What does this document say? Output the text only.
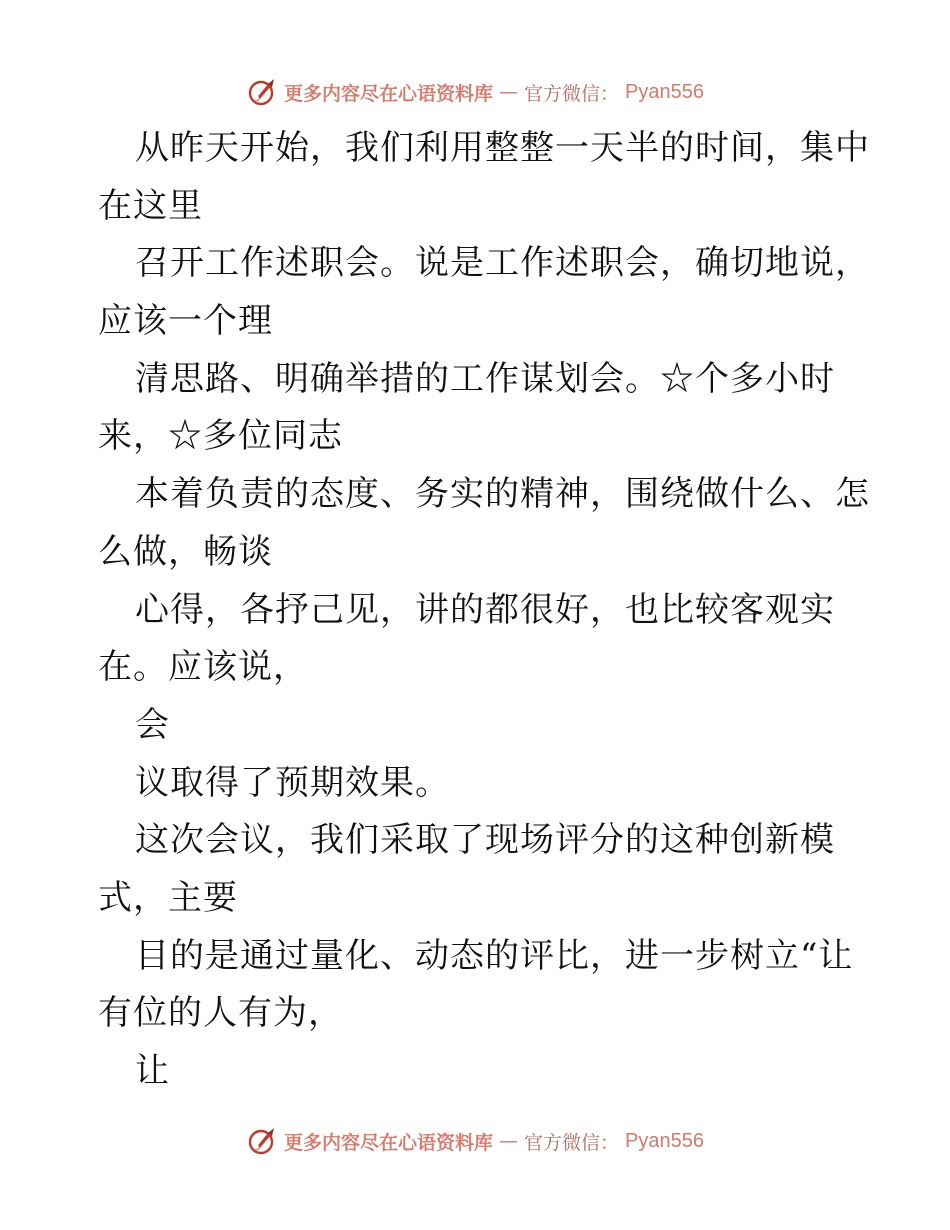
更多内容尽在心语资料库 — 官方微信： Pyan556
从昨天开始，我们利用整整一天半的时间，集中
在这里
召开工作述职会。说是工作述职会，确切地说，
应该一个理
清思路、明确举措的工作谋划会。☆个多小时
来，☆多位同志
本着负责的态度、务实的精神，围绕做什么、怎
么做，畅谈
心得，各抒己见，讲的都很好，也比较客观实
在。应该说，
会
议取得了预期效果。
这次会议，我们采取了现场评分的这种创新模
式，主要
目的是通过量化、动态的评比，进一步树立“让
有位的人有为，
让
更多内容尽在心语资料库 — 官方微信： Pyan556
